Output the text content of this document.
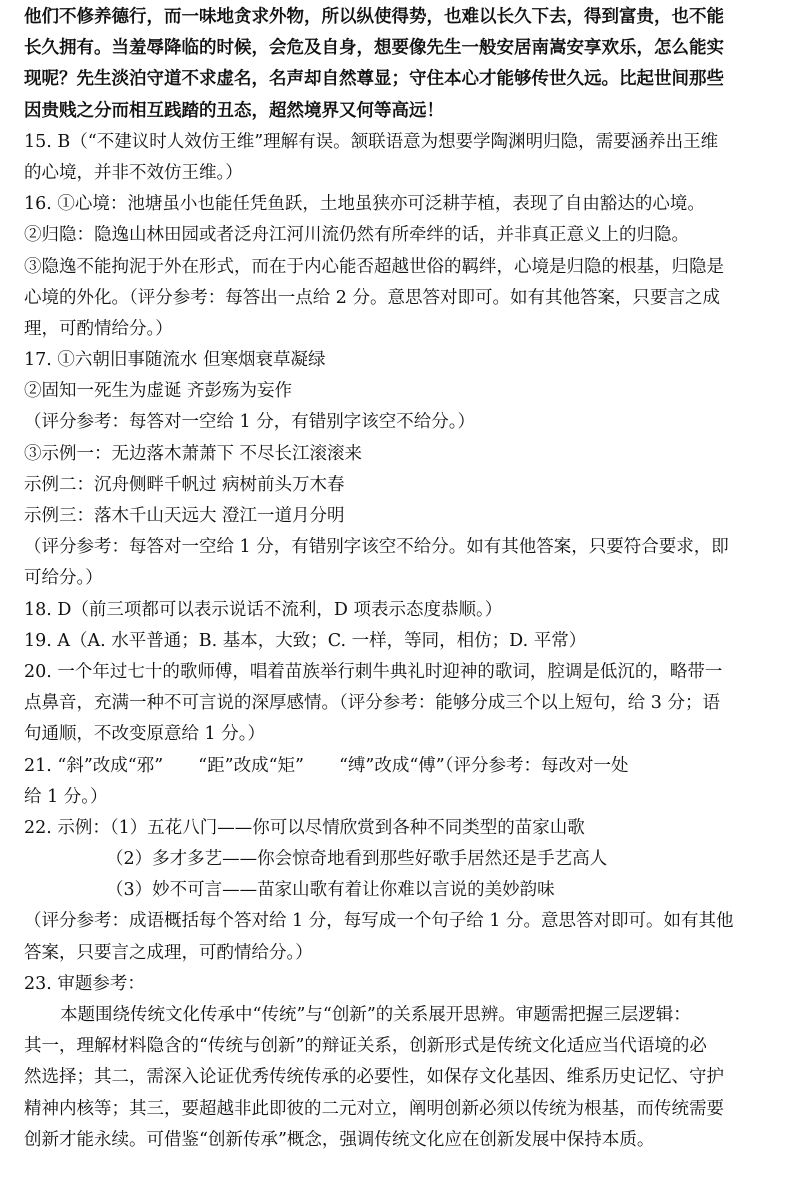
他们不修养德行，而一味地贪求外物，所以纵使得势，也难以长久下去，得到富贵，也不能
长久拥有。当羞辱降临的时候，会危及自身，想要像先生一般安居南嵩安享欢乐，怎么能实
现呢？先生淡泊守道不求虚名，名声却自然尊显；守住本心才能够传世久远。比起世间那些
因贵贱之分而相互践踏的丑态，超然境界又何等高远！
15. B（“不建议时人效仿王维”理解有误。颔联语意为想要学陶渊明归隐，需要涵养出王维
的心境，并非不效仿王维。）
16. ①心境：池塘虽小也能任凭鱼跃，土地虽狭亦可泛耕芋植，表现了自由豁达的心境。
②归隐：隐逸山林田园或者泛舟江河川流仍然有所牵绊的话，并非真正意义上的归隐。
③隐逸不能拘泥于外在形式，而在于内心能否超越世俗的羁绊，心境是归隐的根基，归隐是
心境的外化。（评分参考：每答出一点给 2 分。意思答对即可。如有其他答案，只要言之成
理，可酌情给分。）
17. ①六朝旧事随流水 但寒烟衰草凝绿
②固知一死生为虚诞 齐彭殇为妄作
（评分参考：每答对一空给 1 分，有错别字该空不给分。）
③示例一：无边落木萧萧下 不尽长江滚滚来
示例二：沉舟侧畔千帆过 病树前头万木春
示例三：落木千山天远大 澄江一道月分明
（评分参考：每答对一空给 1 分，有错别字该空不给分。如有其他答案，只要符合要求，即
可给分。）
18. D（前三项都可以表示说话不流利，D 项表示态度恭顺。）
19. A（A. 水平普通；B. 基本，大致；C. 一样，等同，相仿；D. 平常）
20. 一个年过七十的歌师傅，唱着苗族举行刺牛典礼时迎神的歌词，腔调是低沉的，略带一
点鼻音，充满一种不可言说的深厚感情。（评分参考：能够分成三个以上短句，给 3 分；语
句通顺，不改变原意给 1 分。）
21. “斜”改成“邪”　　“距”改成“矩”　　“缚”改成“傅”（评分参考：每改对一处
给 1 分。）
22. 示例：（1）五花八门——你可以尽情欣赏到各种不同类型的苗家山歌
（2）多才多艺——你会惊奇地看到那些好歌手居然还是手艺高人
（3）妙不可言——苗家山歌有着让你难以言说的美妙韵味
（评分参考：成语概括每个答对给 1 分，每写成一个句子给 1 分。意思答对即可。如有其他
答案，只要言之成理，可酌情给分。）
23. 审题参考：
本题围绕传统文化传承中“传统”与“创新”的关系展开思辨。审题需把握三层逻辑：
其一，理解材料隐含的“传统与创新”的辩证关系，创新形式是传统文化适应当代语境的必
然选择；其二，需深入论证优秀传统传承的必要性，如保存文化基因、维系历史记忆、守护
精神内核等；其三，要超越非此即彼的二元对立，阐明创新必须以传统为根基，而传统需要
创新才能永续。可借鉴“创新传承”概念，强调传统文化应在创新发展中保持本质。
